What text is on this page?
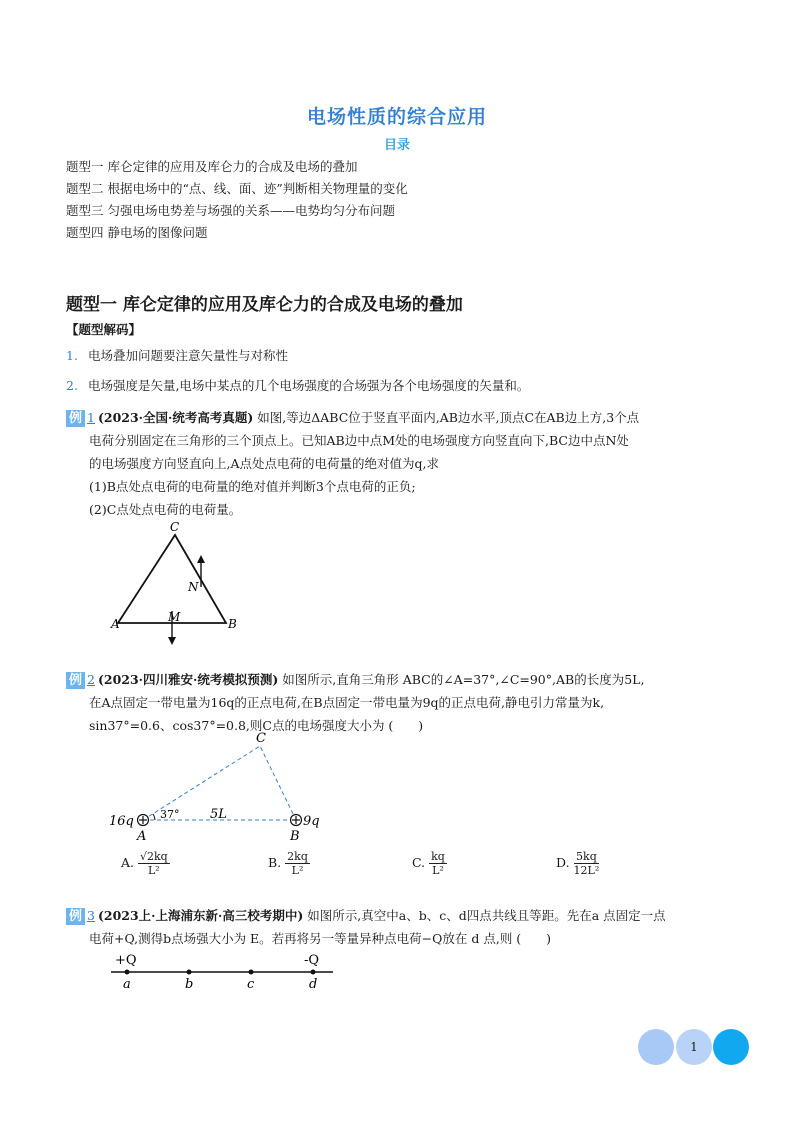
电场性质的综合应用
目录
题型一 库仑定律的应用及库仑力的合成及电场的叠加
题型二 根据电场中的“点、线、面、迹”判断相关物理量的变化
题型三 匀强电场电势差与场强的关系——电势均匀分布问题
题型四 静电场的图像问题
题型一 库仑定律的应用及库仑力的合成及电场的叠加
【题型解码】
1. 电场叠加问题要注意矢量性与对称性
2. 电场强度是矢量,电场中某点的几个电场强度的合场强为各个电场强度的矢量和。
例 1 (2023·全国·统考高考真题) 如图,等边ΔABC位于竖直平面内,AB边水平,顶点C在AB边上方,3个点
电荷分别固定在三角形的三个顶点上。已知AB边中点M处的电场强度方向竖直向下,BC边中点N处
的电场强度方向竖直向上,A点处点电荷的电荷量的绝对值为q,求
(1)B点处点电荷的电荷量的绝对值并判断3个点电荷的正负;
(2)C点处点电荷的电荷量。
C
A	B
M
N
例 2 (2023·四川雅安·统考模拟预测) 如图所示,直角三角形 ABC的∠A=37°,∠C=90°,AB的长度为5L,
在A点固定一带电量为16q的正点电荷,在B点固定一带电量为9q的正点电荷,静电引力常量为k,
sin37°=0.6、cos37°=0.8,则C点的电场强度大小为 (　　)
C
16q	9q
A	B
37° 5L
A. $\frac{√2kq}{\text{L²}}$	B. $\frac{2kq}{\text{L²}}$	C. $\frac{kq}{\text{L²}}$	D. $\frac{5kq}{\text{12L²}}$
例 3 (2023上·上海浦东新·高三校考期中) 如图所示,真空中a、b、c、d四点共线且等距。先在a 点固定一点
电荷+Q,测得b点场强大小为 E。若再将另一等量异种点电荷−Q放在 d 点,则 (　　)
+Q	-Q
a	b	c	d
1
